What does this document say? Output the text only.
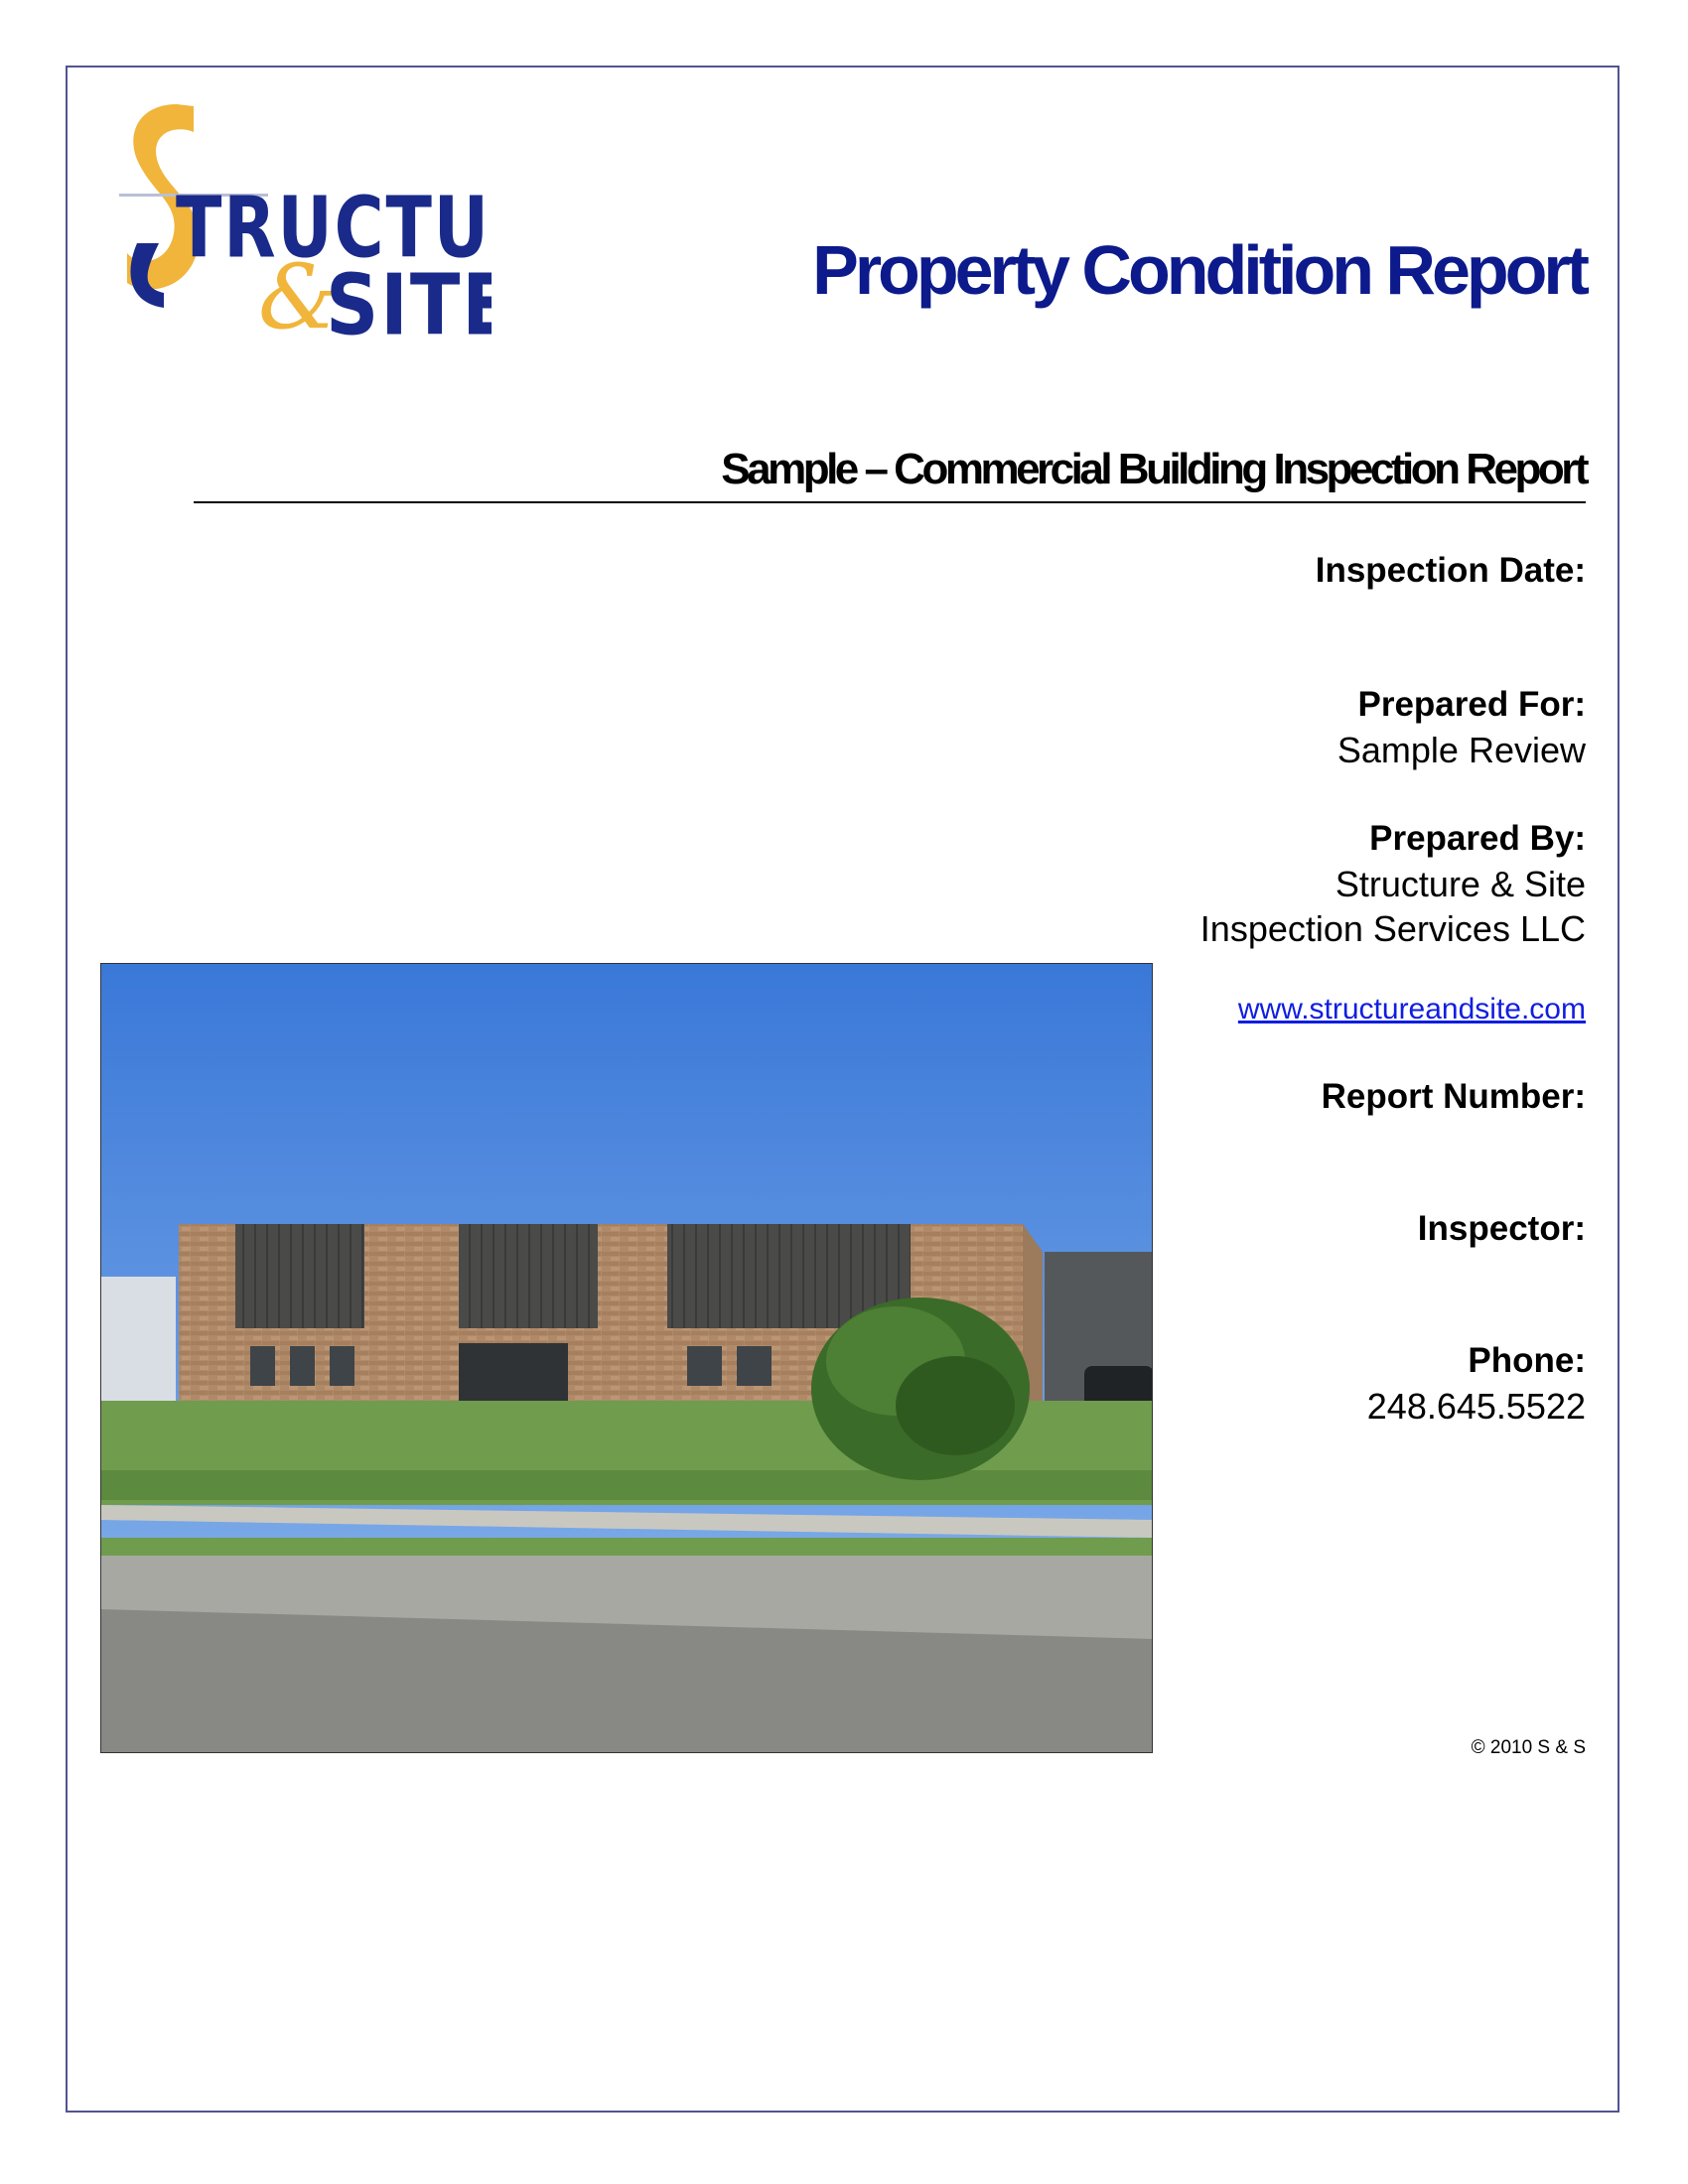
TRUCTU
&
SIT	Property Condition Report
Sample – Commercial Building Inspection Report
Inspection Date:
Prepared For:
Sample Review
Prepared By:
Structure & Site
Inspection Services LLC
www.structureandsite.com
Report Number:
Inspector:
Phone:
248.645.5522
© 2010 S & S
